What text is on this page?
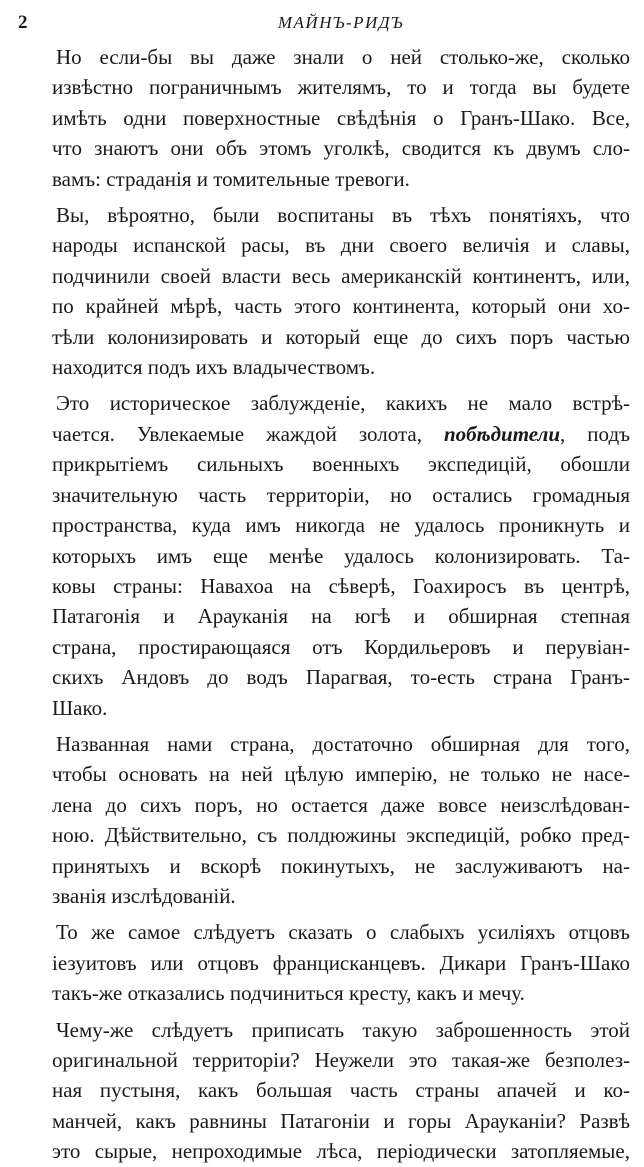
2	МАЙНЪ-РИДЪ

Но если-бы вы даже знали о ней столько-же, сколько
извѣстно пограничнымъ жителямъ, то и тогда вы будете
имѣть одни поверхностные свѣдѣнія о Гранъ-Шако. Все,
что знаютъ они объ этомъ уголкѣ, сводится къ двумъ сло-
вамъ: страданія и томительные тревоги.

Вы, вѣроятно, были воспитаны въ тѣхъ понятіяхъ, что
народы испанской расы, въ дни своего величія и славы,
подчинили своей власти весь американскій континентъ, или,
по крайней мѣрѣ, часть этого континента, который они хо-
тѣли колонизировать и который еще до сихъ поръ частью
находится подъ ихъ владычествомъ.

Это историческое заблужденіе, какихъ не мало встрѣ-
чается. Увлекаемые жаждой золота, побѣдители, подъ
прикрытіемъ сильныхъ военныхъ экспедицій, обошли
значительную часть территоріи, но остались громадныя
пространства, куда имъ никогда не удалось проникнуть и
которыхъ имъ еще менѣе удалось колонизировать. Та-
ковы страны: Навахоа на сѣверѣ, Гоахиросъ въ центрѣ,
Патагонія и Арауканія на югѣ и обширная степная
страна, простирающаяся отъ Кордильеровъ и перувіан-
скихъ Андовъ до водъ Парагвая, то-есть страна Гранъ-
Шако.

Названная нами страна, достаточно обширная для того,
чтобы основать на ней цѣлую имперію, не только не насе-
лена до сихъ поръ, но остается даже вовсе неизслѣдован-
ною. Дѣйствительно, съ полдюжины экспедицій, робко пред-
принятыхъ и вскорѣ покинутыхъ, не заслуживаютъ на-
званія изслѣдованій.

То же самое слѣдуетъ сказать о слабыхъ усиліяхъ отцовъ
іезуитовъ или отцовъ францисканцевъ. Дикари Гранъ-Шако
такъ-же отказались подчиниться кресту, какъ и мечу.

Чему-же слѣдуетъ приписать такую заброшенность этой
оригинальной территоріи? Неужели это такая-же безполез-
ная пустыня, какъ большая часть страны апачей и ко-
манчей, какъ равнины Патагоніи и горы Арауканіи? Развѣ
это сырые, непроходимые лѣса, періодически затопляемые,
